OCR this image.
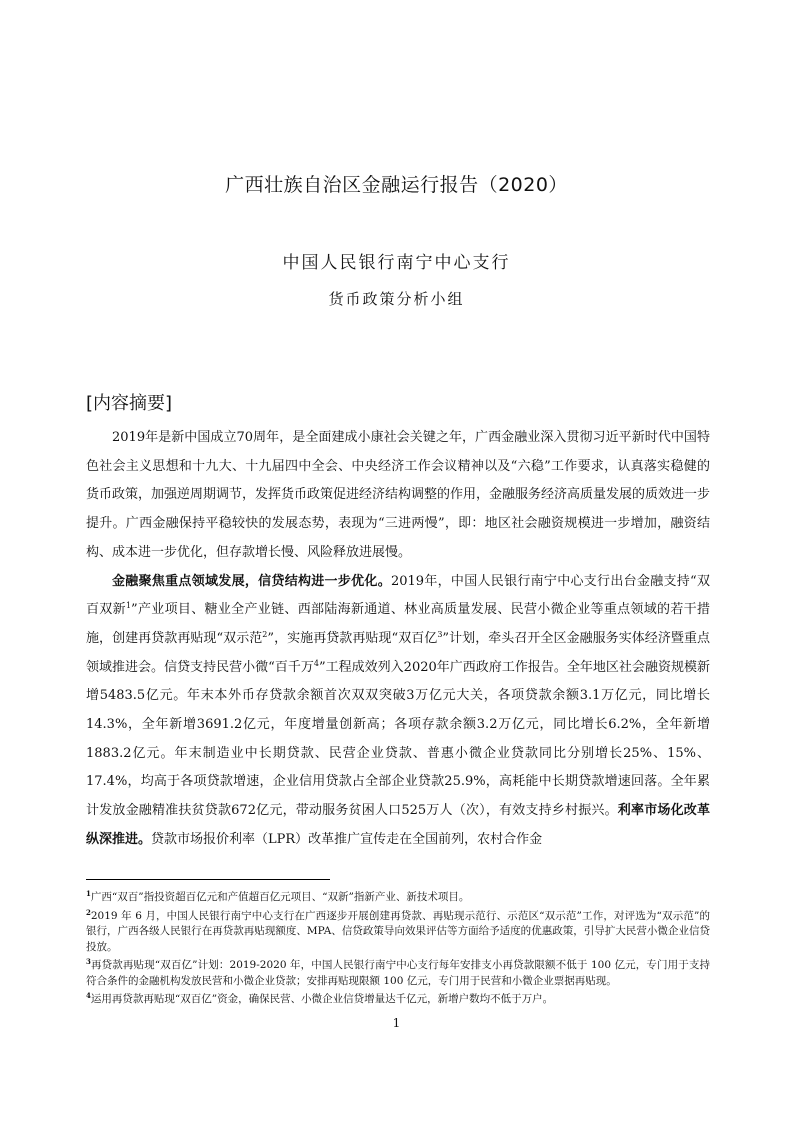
广西壮族自治区金融运行报告（2020）
中国人民银行南宁中心支行
货币政策分析小组
[内容摘要]

2019年是新中国成立70周年，是全面建成小康社会关键之年，广西金融业深入贯彻习近平新时代中国特色社会主义思想和十九大、十九届四中全会、中央经济工作会议精神以及“六稳”工作要求，认真落实稳健的货币政策，加强逆周期调节，发挥货币政策促进经济结构调整的作用，金融服务经济高质量发展的质效进一步提升。广西金融保持平稳较快的发展态势，表现为“三进两慢”，即：地区社会融资规模进一步增加，融资结构、成本进一步优化，但存款增长慢、风险释放进展慢。

金融聚焦重点领域发展，信贷结构进一步优化。2019年，中国人民银行南宁中心支行出台金融支持“双百双新$^1$”产业项目、糖业全产业链、西部陆海新通道、林业高质量发展、民营小微企业等重点领域的若干措施，创建再贷款再贴现“双示范$^2$”，实施再贷款再贴现“双百亿$^3$”计划，牵头召开全区金融服务实体经济暨重点领域推进会。信贷支持民营小微“百千万$^4$”工程成效列入2020年广西政府工作报告。全年地区社会融资规模新增5483.5亿元。年末本外币存贷款余额首次双双突破3万亿元大关，各项贷款余额3.1万亿元，同比增长14.3%，全年新增3691.2亿元，年度增量创新高；各项存款余额3.2万亿元，同比增长6.2%，全年新增1883.2亿元。年末制造业中长期贷款、民营企业贷款、普惠小微企业贷款同比分别增长25%、15%、17.4%，均高于各项贷款增速，企业信用贷款占全部企业贷款25.9%，高耗能中长期贷款增速回落。全年累计发放金融精准扶贫贷款672亿元，带动服务贫困人口525万人（次），有效支持乡村振兴。利率市场化改革纵深推进。贷款市场报价利率（LPR）改革推广宣传走在全国前列，农村合作金

$^1$广西“双百”指投资超百亿元和产值超百亿元项目、“双新”指新产业、新技术项目。

$^2$2019 年 6 月，中国人民银行南宁中心支行在广西逐步开展创建再贷款、再贴现示范行、示范区“双示范”工作，对评选为“双示范”的银行，广西各级人民银行在再贷款再贴现额度、MPA、信贷政策导向效果评估等方面给予适度的优惠政策，引导扩大民营小微企业信贷投放。

$^3$再贷款再贴现“双百亿”计划：2019-2020 年，中国人民银行南宁中心支行每年安排支小再贷款限额不低于 100 亿元，专门用于支持符合条件的金融机构发放民营和小微企业贷款；安排再贴现限额 100 亿元，专门用于民营和小微企业票据再贴现。

$^4$运用再贷款再贴现“双百亿”资金，确保民营、小微企业信贷增量达千亿元，新增户数均不低于万户。

1
